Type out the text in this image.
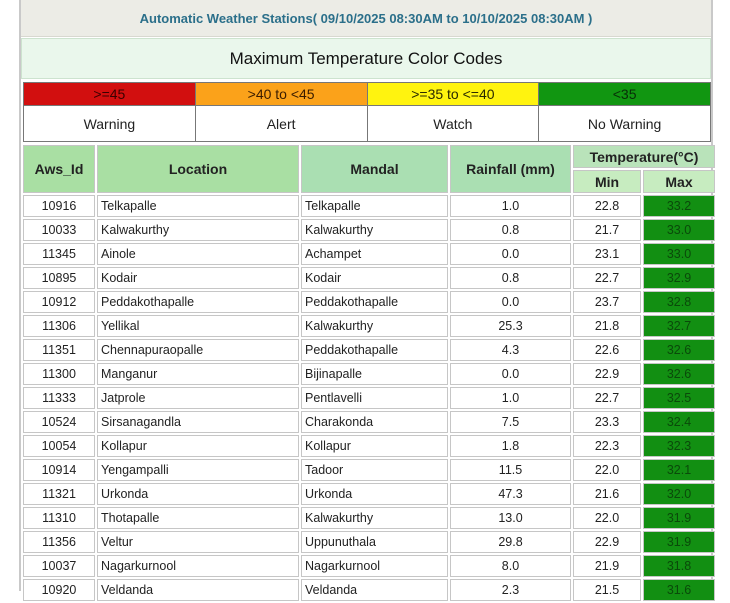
Automatic Weather Stations( 09/10/2025 08:30AM to 10/10/2025 08:30AM )
Maximum Temperature Color Codes
>=45	>40 to <45	>=35 to <=40	<35
Warning	Alert	Watch	No Warning
Aws_Id	Location	Mandal	Rainfall (mm)	Temperature(°C)	
				Min	Max
10916	Telkapalle	Telkapalle	1.0	22.8	33.2
10033	Kalwakurthy	Kalwakurthy	0.8	21.7	33.0
11345	Ainole	Achampet	0.0	23.1	33.0
10895	Kodair	Kodair	0.8	22.7	32.9
10912	Peddakothapalle	Peddakothapalle	0.0	23.7	32.8
11306	Yellikal	Kalwakurthy	25.3	21.8	32.7
11351	Chennapuraopalle	Peddakothapalle	4.3	22.6	32.6
11300	Manganur	Bijinapalle	0.0	22.9	32.6
11333	Jatprole	Pentlavelli	1.0	22.7	32.5
10524	Sirsanagandla	Charakonda	7.5	23.3	32.4
10054	Kollapur	Kollapur	1.8	22.3	32.3
10914	Yengampalli	Tadoor	11.5	22.0	32.1
11321	Urkonda	Urkonda	47.3	21.6	32.0
11310	Thotapalle	Kalwakurthy	13.0	22.0	31.9
11356	Veltur	Uppunuthala	29.8	22.9	31.9
10037	Nagarkurnool	Nagarkurnool	8.0	21.9	31.8
10920	Veldanda	Veldanda	2.3	21.5	31.6
